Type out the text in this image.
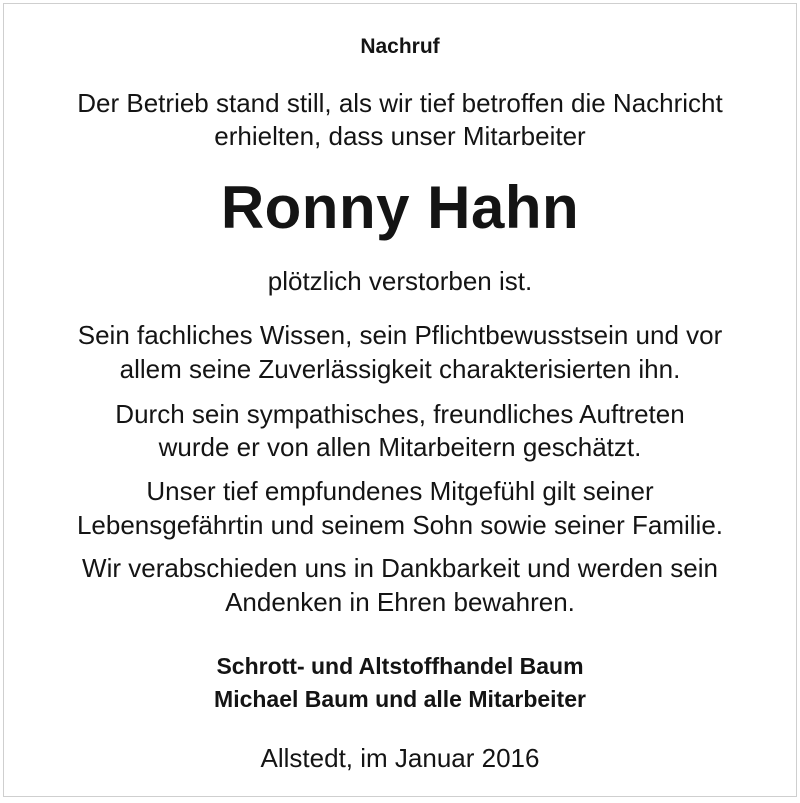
Nachruf
Der Betrieb stand still, als wir tief betroffen die Nachricht
erhielten, dass unser Mitarbeiter
Ronny Hahn
plötzlich verstorben ist.
Sein fachliches Wissen, sein Pflichtbewusstsein und vor
allem seine Zuverlässigkeit charakterisierten ihn.
Durch sein sympathisches, freundliches Auftreten
wurde er von allen Mitarbeitern geschätzt.
Unser tief empfundenes Mitgefühl gilt seiner
Lebensgefährtin und seinem Sohn sowie seiner Familie.
Wir verabschieden uns in Dankbarkeit und werden sein
Andenken in Ehren bewahren.
Schrott- und Altstoffhandel Baum
Michael Baum und alle Mitarbeiter
Allstedt, im Januar 2016
